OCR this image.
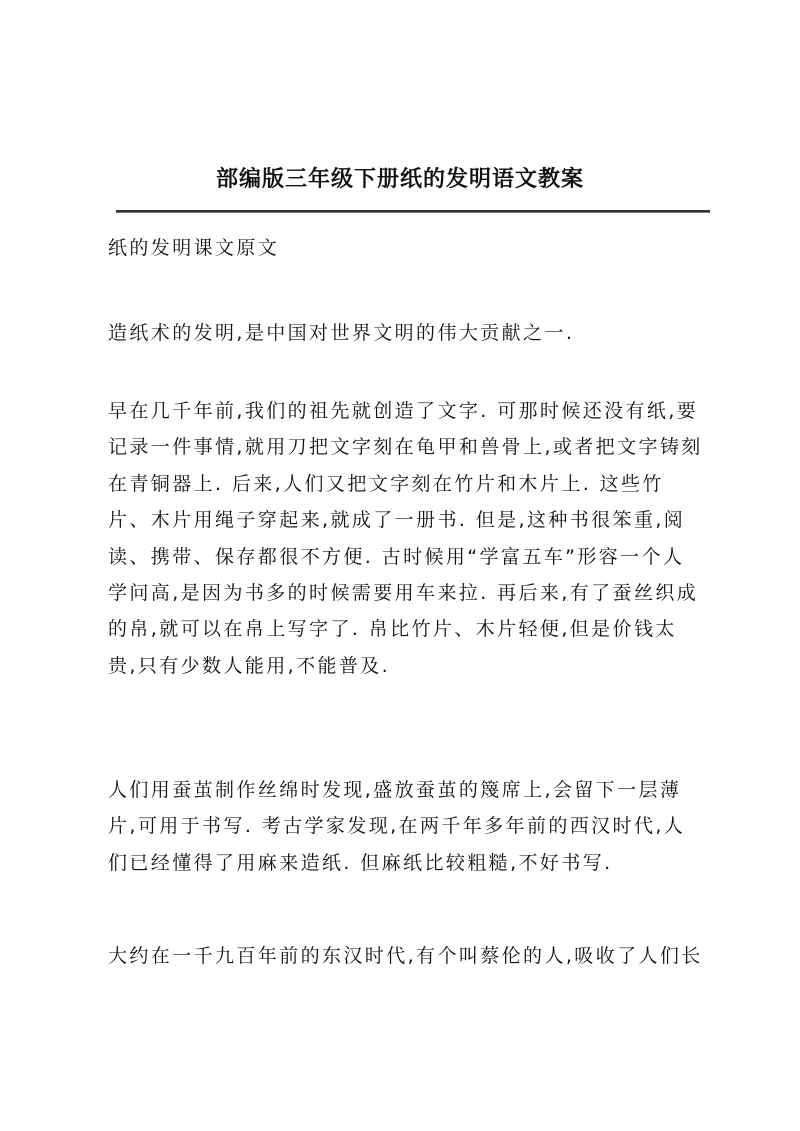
部编版三年级下册纸的发明语文教案

纸的发明课文原文

造纸术的发明,是中国对世界文明的伟大贡献之一.

早在几千年前,我们的祖先就创造了文字. 可那时候还没有纸,要
记录一件事情,就用刀把文字刻在龟甲和兽骨上,或者把文字铸刻
在青铜器上. 后来,人们又把文字刻在竹片和木片上. 这些竹
片、木片用绳子穿起来,就成了一册书. 但是,这种书很笨重,阅
读、携带、保存都很不方便. 古时候用“学富五车”形容一个人
学问高,是因为书多的时候需要用车来拉. 再后来,有了蚕丝织成
的帛,就可以在帛上写字了. 帛比竹片、木片轻便,但是价钱太
贵,只有少数人能用,不能普及.

人们用蚕茧制作丝绵时发现,盛放蚕茧的篾席上,会留下一层薄
片,可用于书写. 考古学家发现,在两千年多年前的西汉时代,人
们已经懂得了用麻来造纸. 但麻纸比较粗糙,不好书写.

大约在一千九百年前的东汉时代,有个叫蔡伦的人,吸收了人们长
